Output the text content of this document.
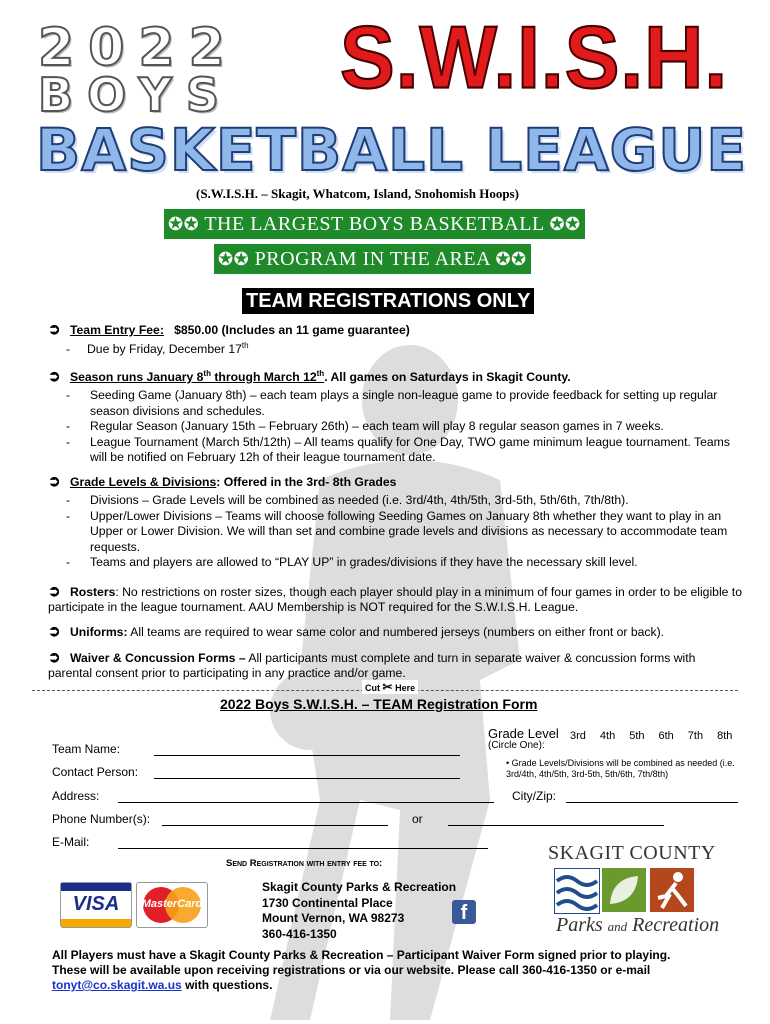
2022
BOYS	S.W.I.S.H.
BASKETBALL LEAGUE
(S.W.I.S.H. – Skagit, Whatcom, Island, Snohomish Hoops)
✪✪ THE LARGEST BOYS BASKETBALL ✪✪
✪✪ PROGRAM IN THE AREA ✪✪
TEAM REGISTRATIONS ONLY
➲ Team Entry Fee: $850.00 (Includes an 11 game guarantee)
-     Due by Friday, December 17th
➲ Season runs January 8th through March 12th. All games on Saturdays in Skagit County.
-	Seeding Game (January 8th) – each team plays a single non-league game to provide feedback for setting up regular season divisions and schedules.
-	Regular Season (January 15th – February 26th) – each team will play 8 regular season games in 7 weeks.
-	League Tournament (March 5th/12th) – All teams qualify for One Day, TWO game minimum league tournament. Teams will be notified on February 12h of their league tournament date.
➲ Grade Levels & Divisions: Offered in the 3rd- 8th Grades
-	Divisions – Grade Levels will be combined as needed (i.e. 3rd/4th, 4th/5th, 3rd-5th, 5th/6th, 7th/8th).
-	Upper/Lower Divisions – Teams will choose following Seeding Games on January 8th whether they want to play in an Upper or Lower Division. We will than set and combine grade levels and divisions as necessary to accommodate team requests.
-	Teams and players are allowed to “PLAY UP” in grades/divisions if they have the necessary skill level.
➲ Rosters: No restrictions on roster sizes, though each player should play in a minimum of four games in order to be eligible to participate in the league tournament. AAU Membership is NOT required for the S.W.I.S.H. League.
➲ Uniforms: All teams are required to wear same color and numbered jerseys (numbers on either front or back).
➲ Waiver & Concussion Forms – All participants must complete and turn in separate waiver & concussion forms with parental consent prior to participating in any practice and/or game.
Cut ✂ Here
2022 Boys S.W.I.S.H. – TEAM Registration Form
Grade Level
(Circle One):
3rd 4th 5th 6th 7th 8th
• Grade Levels/Divisions will be combined as needed (i.e. 3rd/4th, 4th/5th, 3rd-5th, 5th/6th, 7th/8th)
Team Name:
Contact Person:
Address:	City/Zip:
Phone Number(s):	or
E-Mail:
Send Registration with entry fee to:
VISA	MasterCard
Skagit County Parks & Recreation
1730 Continental Place
Mount Vernon, WA 98273
360-416-1350
f
SKAGIT COUNTY
Parks and Recreation
All Players must have a Skagit County Parks & Recreation – Participant Waiver Form signed prior to playing.
These will be available upon receiving registrations or via our website. Please call 360-416-1350 or e-mail
tonyt@co.skagit.wa.us with questions.
